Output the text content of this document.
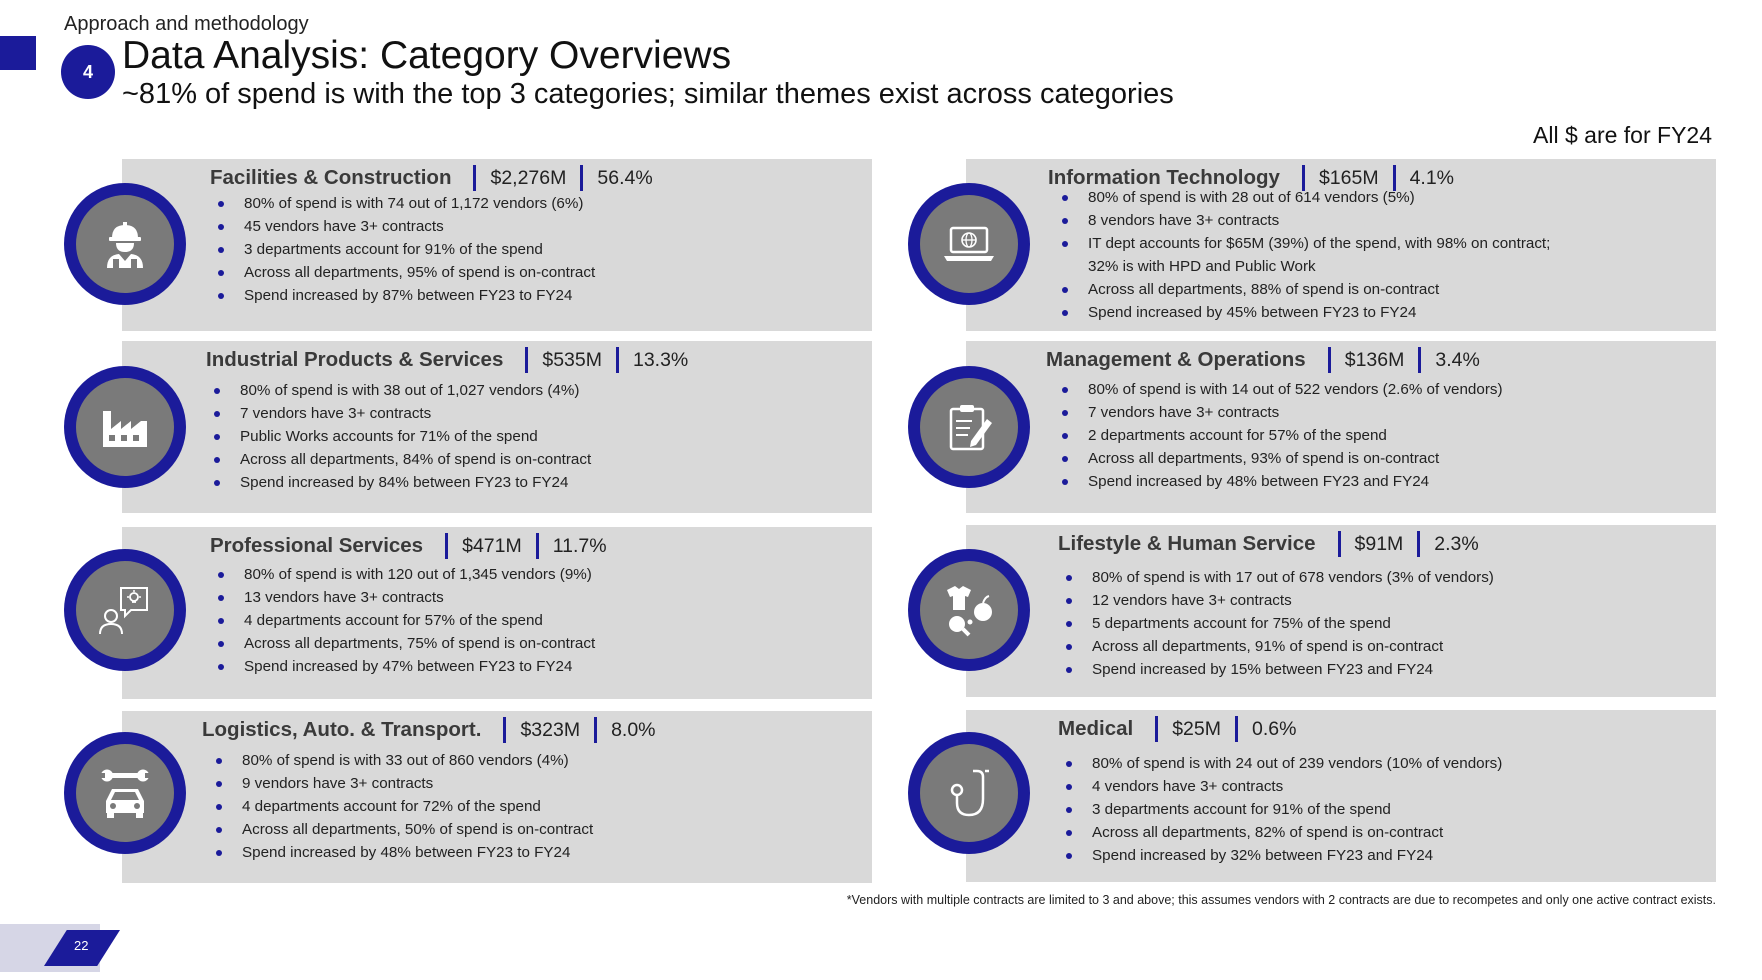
Approach and methodology
4 Data Analysis: Category Overviews
~81% of spend is with the top 3 categories; similar themes exist across categories
All $ are for FY24
Facilities & Construction $2,276M 56.4%
80% of spend is with 74 out of 1,172 vendors (6%)
45 vendors have 3+ contracts
3 departments account for 91% of the spend
Across all departments, 95% of spend is on-contract
Spend increased by 87% between FY23 to FY24
Industrial Products & Services $535M 13.3%
80% of spend is with 38 out of 1,027 vendors (4%)
7 vendors have 3+ contracts
Public Works accounts for 71% of the spend
Across all departments, 84% of spend is on-contract
Spend increased by 84% between FY23 to FY24
Professional Services $471M 11.7%
80% of spend is with 120 out of 1,345 vendors (9%)
13 vendors have 3+ contracts
4 departments account for 57% of the spend
Across all departments, 75% of spend is on-contract
Spend increased by 47% between FY23 to FY24
Logistics, Auto. & Transport. $323M 8.0%
80% of spend is with 33 out of 860 vendors (4%)
9 vendors have 3+ contracts
4 departments account for 72% of the spend
Across all departments, 50% of spend is on-contract
Spend increased by 48% between FY23 to FY24
Information Technology $165M 4.1%
80% of spend is with 28 out of 614 vendors (5%)
8 vendors have 3+ contracts
IT dept accounts for $65M (39%) of the spend, with 98% on contract;
32% is with HPD and Public Work
Across all departments, 88% of spend is on-contract
Spend increased by 45% between FY23 to FY24
Management & Operations $136M 3.4%
80% of spend is with 14 out of 522 vendors (2.6% of vendors)
7 vendors have 3+ contracts
2 departments account for 57% of the spend
Across all departments, 93% of spend is on-contract
Spend increased by 48% between FY23 and FY24
Lifestyle & Human Service $91M 2.3%
80% of spend is with 17 out of 678 vendors (3% of vendors)
12 vendors have 3+ contracts
5 departments account for 75% of the spend
Across all departments, 91% of spend is on-contract
Spend increased by 15% between FY23 and FY24
Medical $25M 0.6%
80% of spend is with 24 out of 239 vendors (10% of vendors)
4 vendors have 3+ contracts
3 departments account for 91% of the spend
Across all departments, 82% of spend is on-contract
Spend increased by 32% between FY23 and FY24
*Vendors with multiple contracts are limited to 3 and above; this assumes vendors with 2 contracts are due to recompetes and only one active contract exists.
22
